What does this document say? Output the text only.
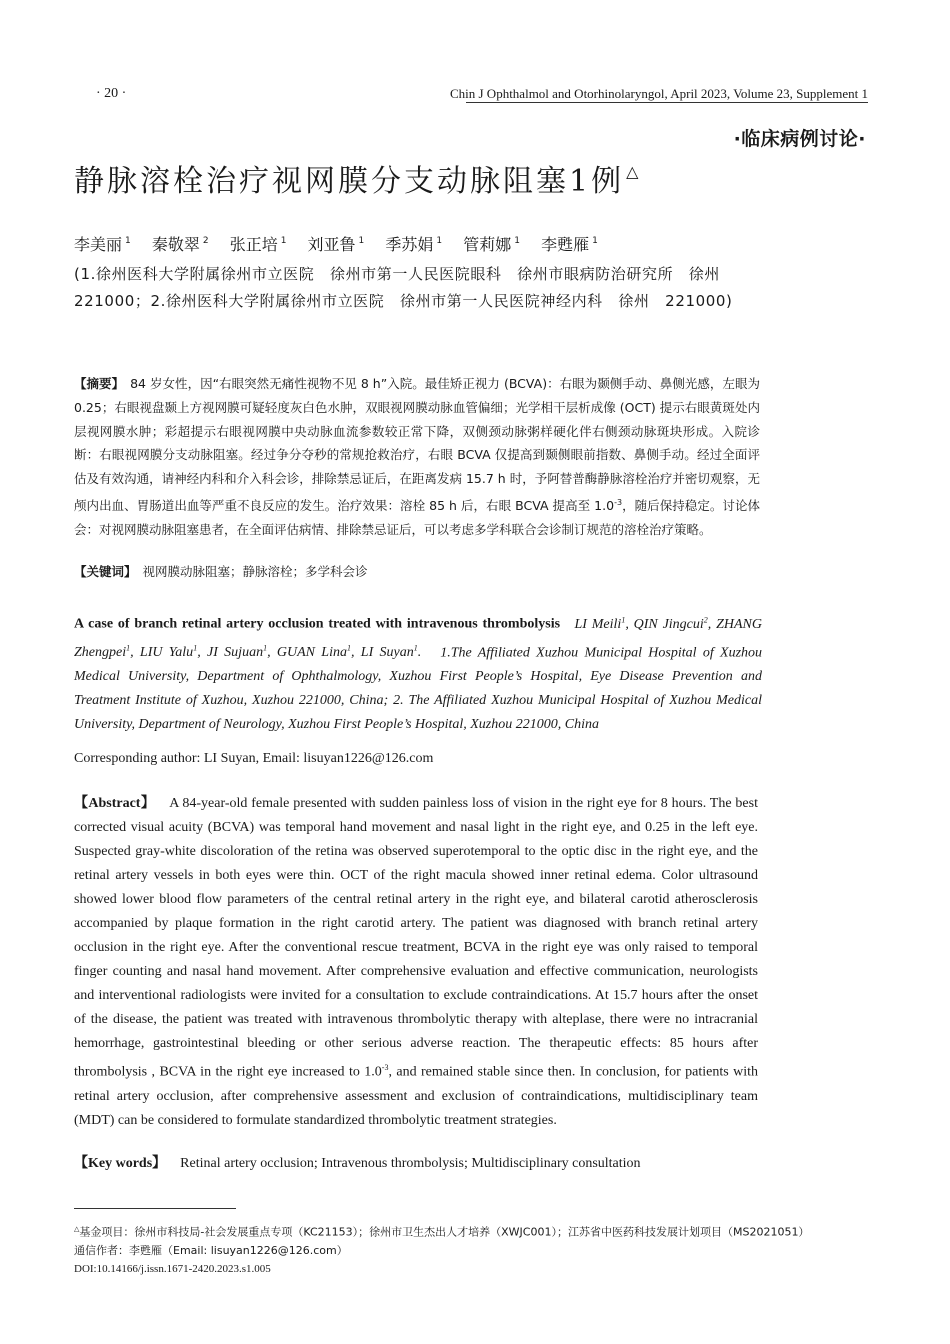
· 20 ·	Chin J Ophthalmol and Otorhinolaryngol, April 2023, Volume 23, Supplement 1
·临床病例讨论·
静脉溶栓治疗视网膜分支动脉阻塞1例 △
李美丽 $^1$ 秦敬翠 $^2$ 张正培 $^1$ 刘亚鲁 $^1$ 季苏娟 $^1$ 管莉娜 $^1$ 李甦雁 $^1$
(1.徐州医科大学附属徐州市立医院　徐州市第一人民医院眼科　徐州市眼病防治研究所　徐州　221000；2.徐州医科大学附属徐州市立医院　徐州市第一人民医院神经内科　徐州　221000)
【摘要】 84 岁女性，因“右眼突然无痛性视物不见 8 h”入院。最佳矫正视力 (BCVA)：右眼为颞侧手动、鼻侧光感，左眼为 0.25；右眼视盘颞上方视网膜可疑轻度灰白色水肿，双眼视网膜动脉血管偏细；光学相干层析成像 (OCT) 提示右眼黄斑处内层视网膜水肿；彩超提示右眼视网膜中央动脉血流参数较正常下降，双侧颈动脉粥样硬化伴右侧颈动脉斑块形成。入院诊断：右眼视网膜分支动脉阻塞。经过争分夺秒的常规抢救治疗，右眼 BCVA 仅提高到颞侧眼前指数、鼻侧手动。经过全面评估及有效沟通，请神经内科和介入科会诊，排除禁忌证后，在距离发病 15.7 h 时，予阿替普酶静脉溶栓治疗并密切观察，无颅内出血、胃肠道出血等严重不良反应的发生。治疗效果：溶栓 85 h 后，右眼 BCVA 提高至 $1.0^{-3}$，随后保持稳定。讨论体会：对视网膜动脉阻塞患者，在全面评估病情、排除禁忌证后，可以考虑多学科联合会诊制订规范的溶栓治疗策略。
【关键词】 视网膜动脉阻塞；静脉溶栓；多学科会诊
A case of branch retinal artery occlusion treated with intravenous thrombolysis LI Meili$^1$, QIN Jingcui$^2$, ZHANG Zhengpei$^1$, LIU Yalu$^1$, JI Sujuan$^1$, GUAN Lina$^1$, LI Suyan$^1$. 1.The Affiliated Xuzhou Municipal Hospital of Xuzhou Medical University, Department of Ophthalmology, Xuzhou First People’s Hospital, Eye Disease Prevention and Treatment Institute of Xuzhou, Xuzhou 221000, China; 2. The Affiliated Xuzhou Municipal Hospital of Xuzhou Medical University, Department of Neurology, Xuzhou First People’s Hospital, Xuzhou 221000, China
Corresponding author: LI Suyan, Email: lisuyan1226@126.com
【Abstract】 A 84-year-old female presented with sudden painless loss of vision in the right eye for 8 hours. The best corrected visual acuity (BCVA) was temporal hand movement and nasal light in the right eye, and 0.25 in the left eye. Suspected gray-white discoloration of the retina was observed superotemporal to the optic disc in the right eye, and the retinal artery vessels in both eyes were thin. OCT of the right macula showed inner retinal edema. Color ultrasound showed lower blood flow parameters of the central retinal artery in the right eye, and bilateral carotid atherosclerosis accompanied by plaque formation in the right carotid artery. The patient was diagnosed with branch retinal artery occlusion in the right eye. After the conventional rescue treatment, BCVA in the right eye was only raised to temporal finger counting and nasal hand movement. After comprehensive evaluation and effective communication, neurologists and interventional radiologists were invited for a consultation to exclude contraindications. At 15.7 hours after the onset of the disease, the patient was treated with intravenous thrombolytic therapy with alteplase, there were no intracranial hemorrhage, gastrointestinal bleeding or other serious adverse reaction. The therapeutic effects: 85 hours after thrombolysis , BCVA in the right eye increased to $1.0^{-3}$, and remained stable since then. In conclusion, for patients with retinal artery occlusion, after comprehensive assessment and exclusion of contraindications, multidisciplinary team (MDT) can be considered to formulate standardized thrombolytic treatment strategies.
【Key words】 Retinal artery occlusion; Intravenous thrombolysis; Multidisciplinary consultation
△基金项目：徐州市科技局-社会发展重点专项（KC21153）；徐州市卫生杰出人才培养（XWJC001）；江苏省中医药科技发展计划项目（MS2021051）
通信作者：李甦雁（Email: lisuyan1226@126.com）
DOI:10.14166/j.issn.1671-2420.2023.s1.005
